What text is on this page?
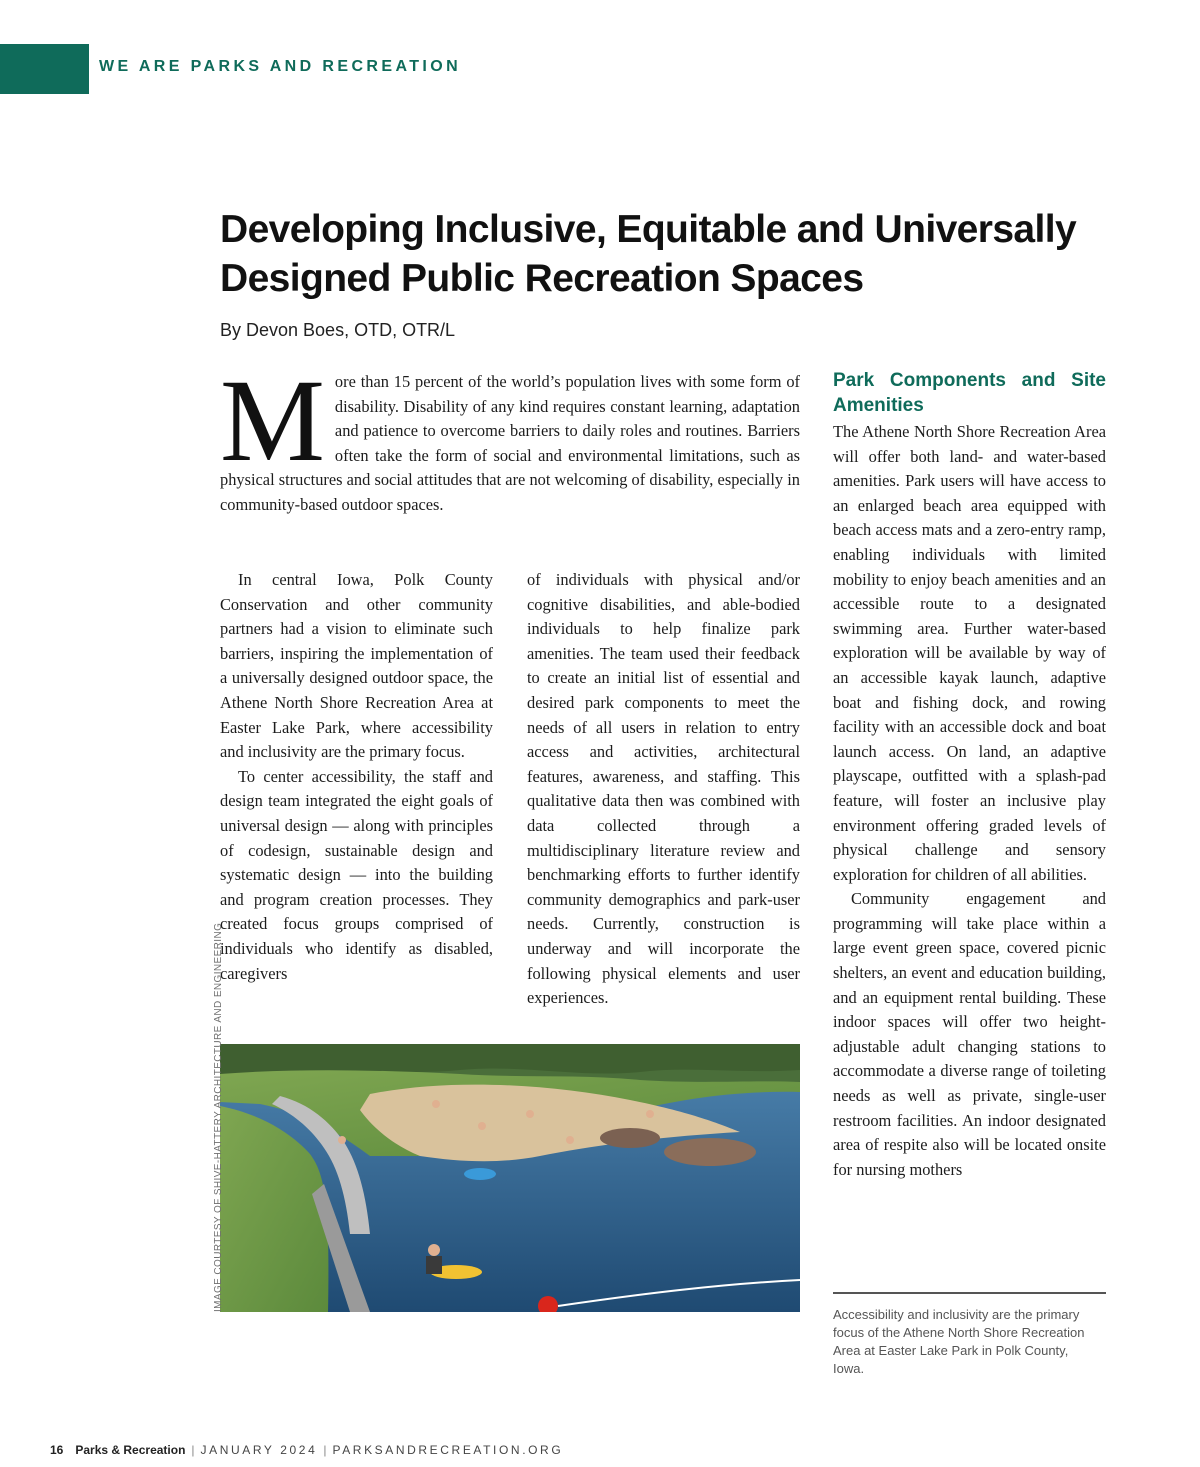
WE ARE PARKS AND RECREATION
Developing Inclusive, Equitable and Universally Designed Public Recreation Spaces
By Devon Boes, OTD, OTR/L
M ore than 15 percent of the world’s population lives with some form of disability. Disability of any kind requires constant learning, adaptation and patience to overcome barriers to daily roles and routines. Barriers often take the form of social and environmental limitations, such as physical structures and social attitudes that are not welcoming of disability, especially in community-based outdoor spaces.

In central Iowa, Polk County Conservation and other community partners had a vision to eliminate such barriers, inspiring the implementation of a universally designed outdoor space, the Athene North Shore Recreation Area at Easter Lake Park, where accessibility and inclusivity are the primary focus.

To center accessibility, the staff and design team integrated the eight goals of universal design — along with principles of codesign, sustainable design and systematic design — into the building and program creation processes. They created focus groups comprised of individuals who identify as disabled, caregivers

of individuals with physical and/or cognitive disabilities, and able-bodied individuals to help finalize park amenities. The team used their feedback to create an initial list of essential and desired park components to meet the needs of all users in relation to entry access and activities, architectural features, awareness, and staffing. This qualitative data then was combined with data collected through a multidisciplinary literature review and benchmarking efforts to further identify community demographics and park-user needs. Currently, construction is underway and will incorporate the following physical elements and user experiences.

Park Components and Site Amenities

The Athene North Shore Recreation Area will offer both land- and water-based amenities. Park users will have access to an enlarged beach area equipped with beach access mats and a zero-entry ramp, enabling individuals with limited mobility to enjoy beach amenities and an accessible route to a designated swimming area. Further water-based exploration will be available by way of an accessible kayak launch, adaptive boat and fishing dock, and rowing facility with an accessible dock and boat launch access. On land, an adaptive playscape, outfitted with a splash-pad feature, will foster an inclusive play environment offering graded levels of physical challenge and sensory exploration for children of all abilities.

Community engagement and programming will take place within a large event green space, covered picnic shelters, an event and education building, and an equipment rental building. These indoor spaces will offer two height-adjustable adult changing stations to accommodate a diverse range of toileting needs as well as private, single-user restroom facilities. An indoor designated area of respite also will be located onsite for nursing mothers

IMAGE COURTESY OF SHIVE-HATTERY ARCHITECTURE AND ENGINEERING
Accessibility and inclusivity are the primary focus of the Athene North Shore Recreation Area at Easter Lake Park in Polk County, Iowa.
16 Parks & Recreation | JANUARY 2024 | PARKSANDRECREATION.ORG
